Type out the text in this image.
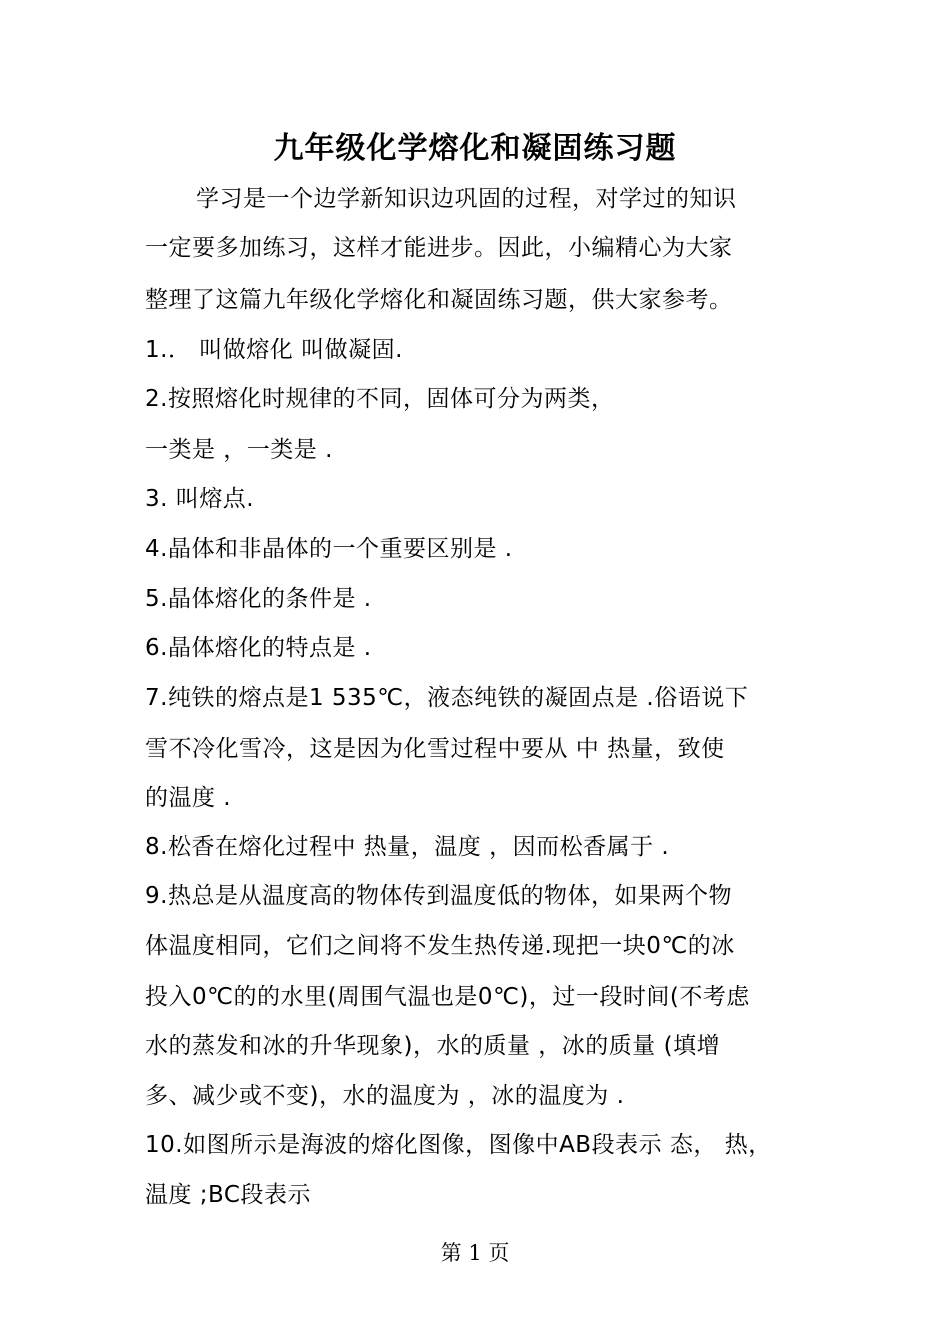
九年级化学熔化和凝固练习题
学习是一个边学新知识边巩固的过程，对学过的知识
一定要多加练习，这样才能进步。因此，小编精心为大家
整理了这篇九年级化学熔化和凝固练习题，供大家参考。
1.． 叫做熔化 叫做凝固.
2.按照熔化时规律的不同，固体可分为两类，
一类是 ，一类是 .
3. 叫熔点.
4.晶体和非晶体的一个重要区别是 .
5.晶体熔化的条件是 .
6.晶体熔化的特点是 .
7.纯铁的熔点是1 535℃，液态纯铁的凝固点是 .俗语说下
雪不冷化雪冷，这是因为化雪过程中要从 中 热量，致使
的温度 .
8.松香在熔化过程中 热量，温度 ，因而松香属于 .
9.热总是从温度高的物体传到温度低的物体，如果两个物
体温度相同，它们之间将不发生热传递.现把一块0℃的冰
投入0℃的的水里(周围气温也是0℃)，过一段时间(不考虑
水的蒸发和冰的升华现象)，水的质量 ，冰的质量 (填增
多、减少或不变)，水的温度为 ，冰的温度为 .
10.如图所示是海波的熔化图像，图像中AB段表示 态， 热，
温度 ;BC段表示
第 1 页
